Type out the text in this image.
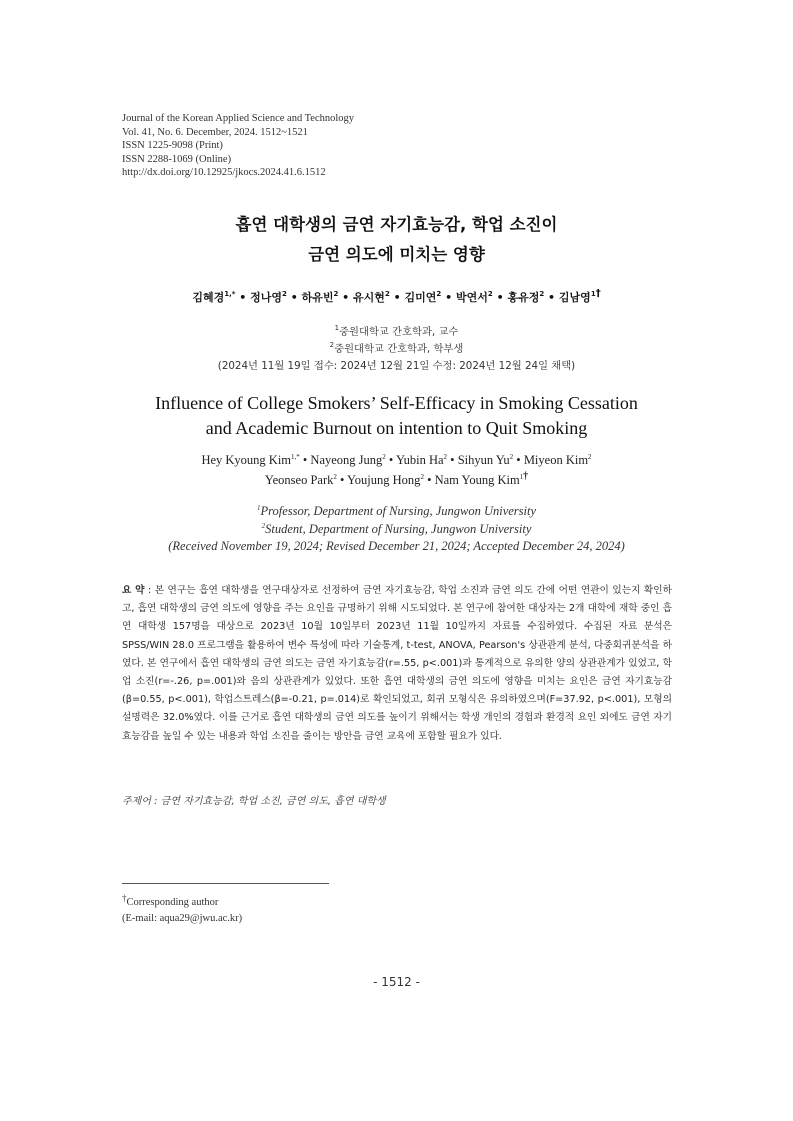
Journal of the Korean Applied Science and Technology
Vol. 41, No. 6. December, 2024. 1512~1521
ISSN 1225-9098 (Print)
ISSN 2288-1069 (Online)
http://dx.doi.org/10.12925/jkocs.2024.41.6.1512
흡연 대학생의 금연 자기효능감, 학업 소진이
금연 의도에 미치는 영향
김혜경$^{1,*}$ • 정나영$^2$ • 하유빈$^2$ • 유시현$^2$ • 김미연$^2$ • 박연서$^2$ • 홍유정$^2$ • 김남영$^1$†
$^1$중원대학교 간호학과, 교수
$^2$중원대학교 간호학과, 학부생
(2024년 11월 19일 접수: 2024년 12월 21일 수정: 2024년 12월 24일 채택)
Influence of College Smokers’ Self-Efficacy in Smoking Cessation
and Academic Burnout on intention to Quit Smoking
Hey Kyoung Kim$^{1,*}$ • Nayeong Jung$^2$ • Yubin Ha$^2$ • Sihyun Yu$^2$ • Miyeon Kim$^2$
Yeonseo Park$^2$ • Youjung Hong$^2$ • Nam Young Kim$^{1\dagger}$
$^1$Professor, Department of Nursing, Jungwon University
$^2$Student, Department of Nursing, Jungwon University
(Received November 19, 2024; Revised December 21, 2024; Accepted December 24, 2024)
요 약 : 본 연구는 흡연 대학생을 연구대상자로 선정하여 금연 자기효능감, 학업 소진과 금연 의도 간에 어떤 연관이 있는지 확인하고, 흡연 대학생의 금연 의도에 영향을 주는 요인을 규명하기 위해 시도되었다. 본 연구에 참여한 대상자는 2개 대학에 재학 중인 흡연 대학생 157명을 대상으로 2023년 10월 10일부터 2023년 11월 10일까지 자료를 수집하였다. 수집된 자료 분석은 SPSS/WIN 28.0 프로그램을 활용하여 변수 특성에 따라 기술통계, t-test, ANOVA, Pearson's 상관관계 분석, 다중회귀분석을 하였다. 본 연구에서 흡연 대학생의 금연 의도는 금연 자기효능감(r=.55, p<.001)과 통계적으로 유의한 양의 상관관계가 있었고, 학업 소진(r=-.26, p=.001)와 음의 상관관계가 있었다. 또한 흡연 대학생의 금연 의도에 영향을 미치는 요인은 금연 자기효능감(β=0.55, p<.001), 학업스트레스(β=-0.21, p=.014)로 확인되었고, 회귀 모형식은 유의하였으며(F=37.92, p<.001), 모형의 설명력은 32.0%였다. 이를 근거로 흡연 대학생의 금연 의도를 높이기 위해서는 학생 개인의 경험과 환경적 요인 외에도 금연 자기효능감을 높일 수 있는 내용과 학업 소진을 줄이는 방안을 금연 교육에 포함할 필요가 있다.
주제어 : 금연 자기효능감, 학업 소진, 금연 의도, 흡연 대학생
†Corresponding author
(E-mail: aqua29@jwu.ac.kr)
- 1512 -
